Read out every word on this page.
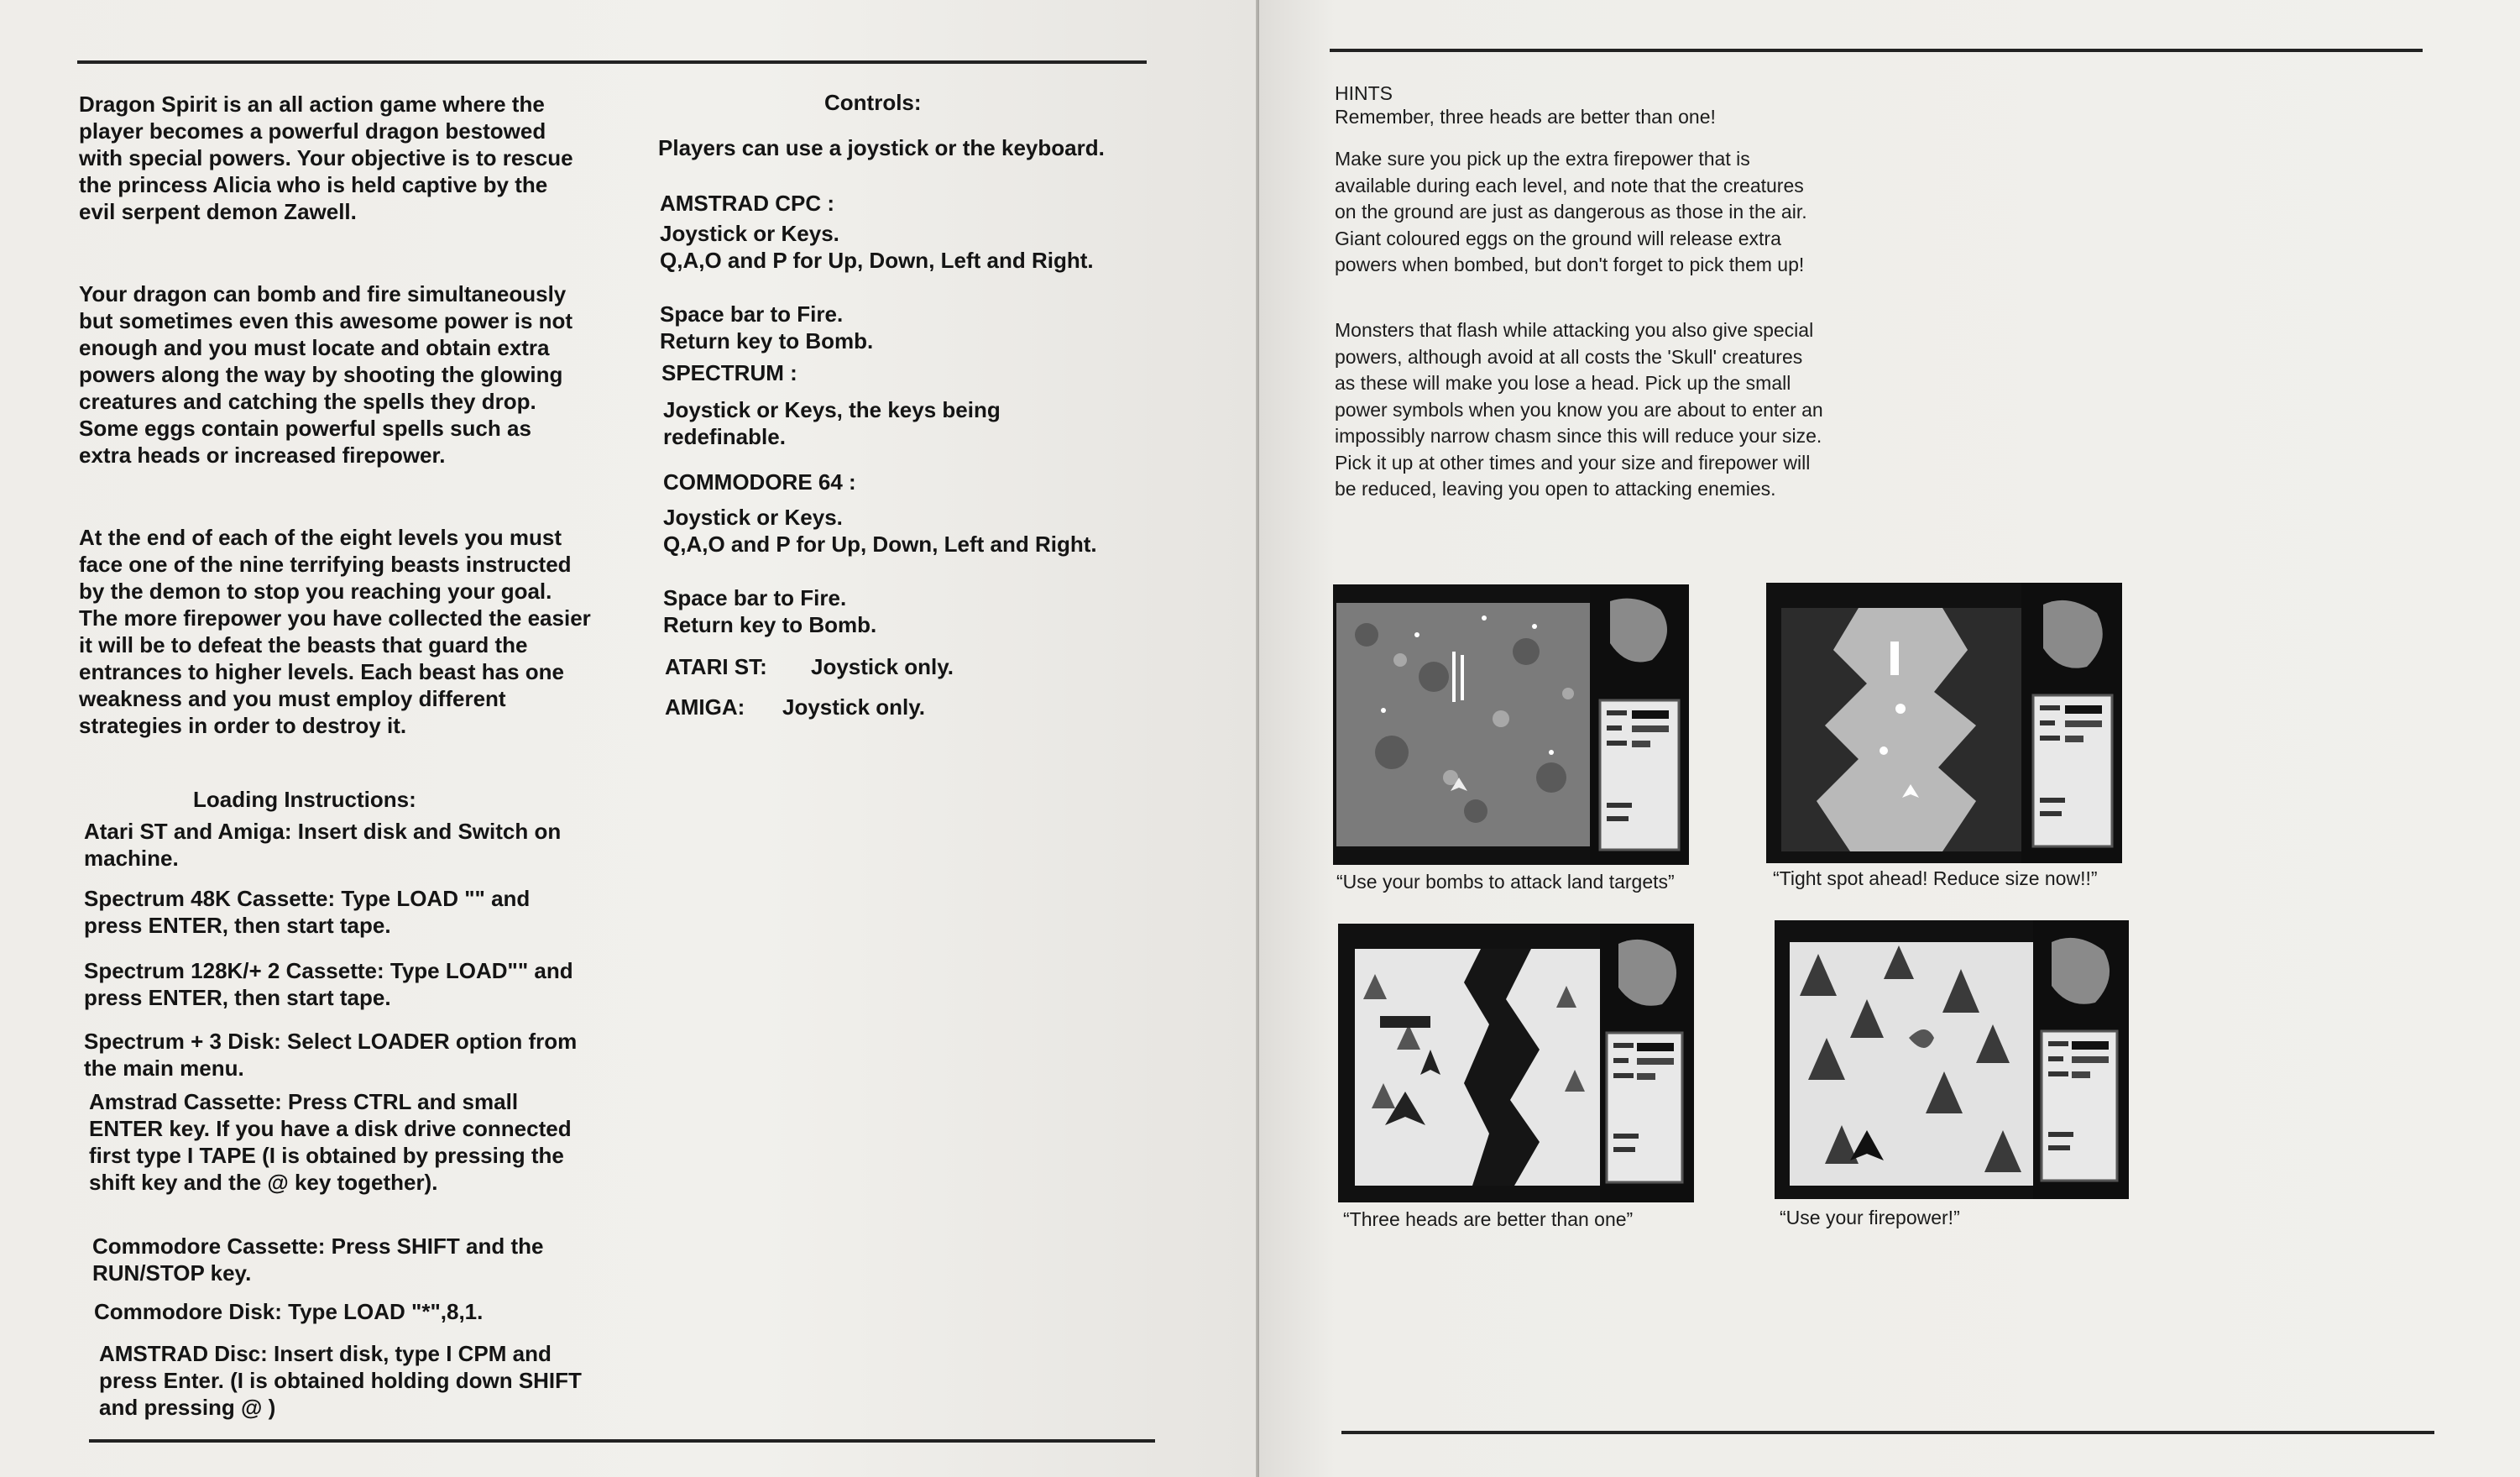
Dragon Spirit is an all action game where the player becomes a powerful dragon bestowed with special powers. Your objective is to rescue the princess Alicia who is held captive by the evil serpent demon Zawell.

Your dragon can bomb and fire simultaneously but sometimes even this awesome power is not enough and you must locate and obtain extra powers along the way by shooting the glowing creatures and catching the spells they drop. Some eggs contain powerful spells such as extra heads or increased firepower.

At the end of each of the eight levels you must face one of the nine terrifying beasts instructed by the demon to stop you reaching your goal. The more firepower you have collected the easier it will be to defeat the beasts that guard the entrances to higher levels. Each beast has one weakness and you must employ different strategies in order to destroy it.

Loading Instructions:

Atari ST and Amiga: Insert disk and Switch on machine.

Spectrum 48K Cassette: Type LOAD "" and press ENTER, then start tape.

Spectrum 128K/+ 2 Cassette: Type LOAD"" and press ENTER, then start tape.

Spectrum + 3 Disk: Select LOADER option from the main menu.

Amstrad Cassette: Press CTRL and small ENTER key. If you have a disk drive connected first type I TAPE (I is obtained by pressing the shift key and the @ key together).

Commodore Cassette: Press SHIFT and the RUN/STOP key.

Commodore Disk: Type LOAD "*",8,1.

AMSTRAD Disc: Insert disk, type I CPM and press Enter. (I is obtained holding down SHIFT and pressing @ )

Controls:

Players can use a joystick or the keyboard.

AMSTRAD CPC :

Joystick or Keys.

Q,A,O and P for Up, Down, Left and Right.

Space bar to Fire.

Return key to Bomb.

SPECTRUM :

Joystick or Keys, the keys being redefinable.

COMMODORE 64 :

Joystick or Keys.

Q,A,O and P for Up, Down, Left and Right.

Space bar to Fire.

Return key to Bomb.

ATARI ST: Joystick only.

AMIGA: Joystick only.

HINTS

Remember, three heads are better than one!

Make sure you pick up the extra firepower that is available during each level, and note that the creatures on the ground are just as dangerous as those in the air. Giant coloured eggs on the ground will release extra powers when bombed, but don't forget to pick them up!

Monsters that flash while attacking you also give special powers, although avoid at all costs the 'Skull' creatures as these will make you lose a head. Pick up the small power symbols when you know you are about to enter an impossibly narrow chasm since this will reduce your size. Pick it up at other times and your size and firepower will be reduced, leaving you open to attacking enemies.

“Use your bombs to attack land targets”	“Tight spot ahead! Reduce size now!!”

“Three heads are better than one”	“Use your firepower!”
